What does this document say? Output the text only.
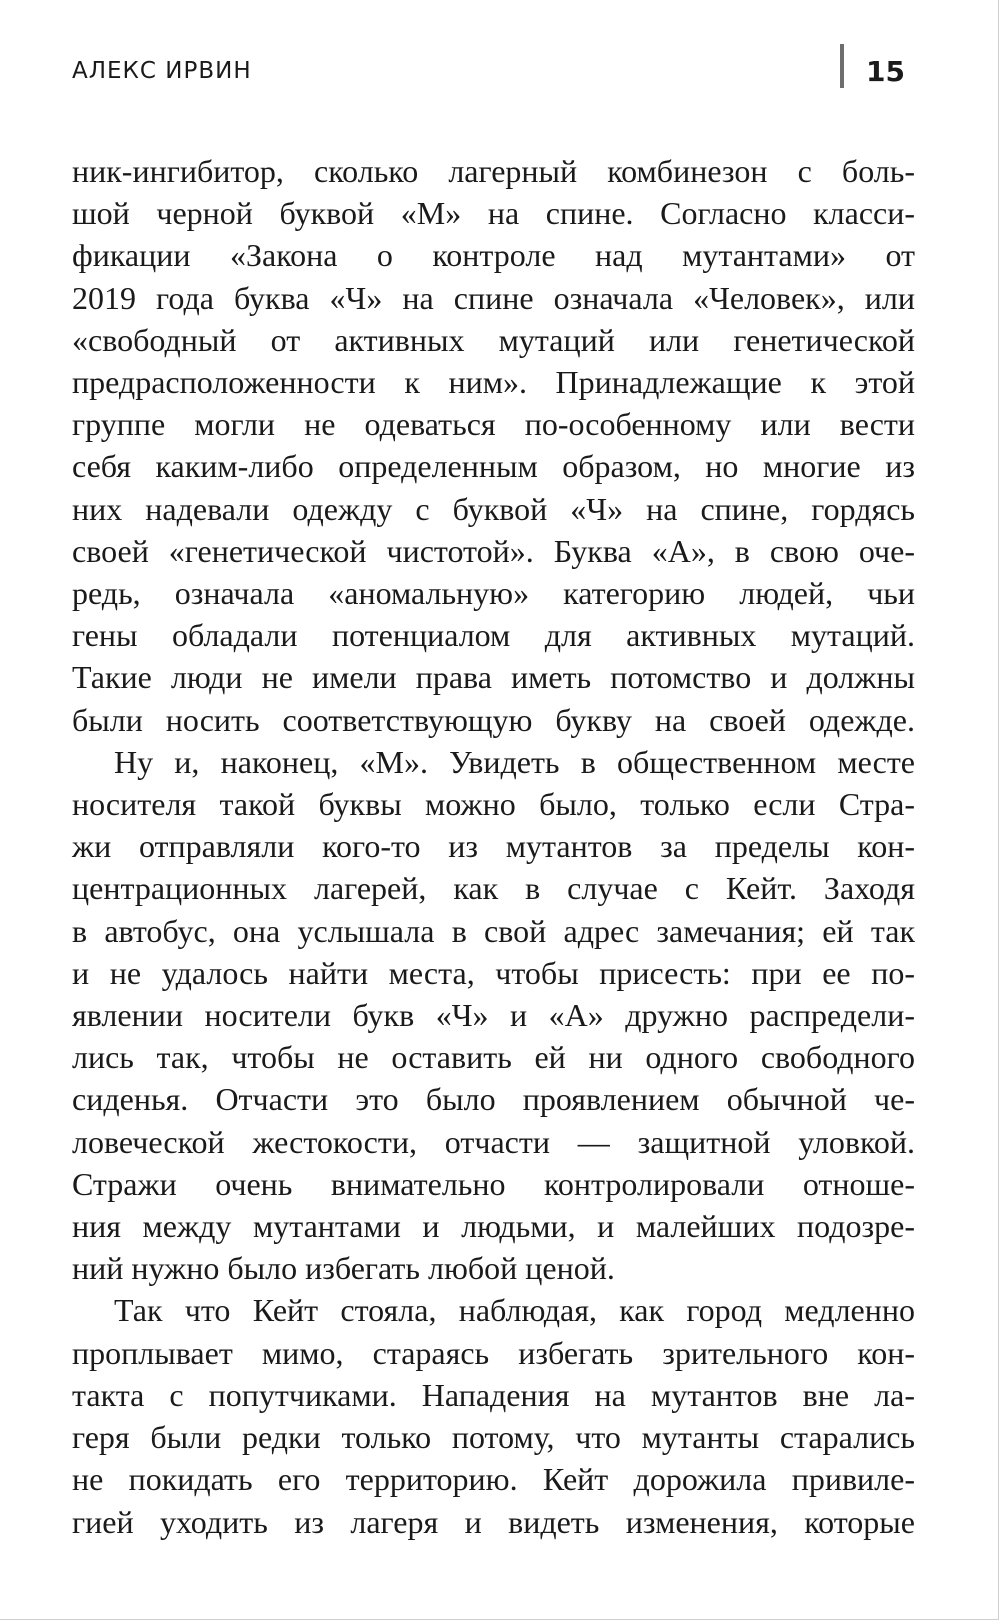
АЛЕКС ИРВИН	15

ник-ингибитор, сколько лагерный комбинезон с боль-

шой черной буквой «М» на спине. Согласно класси-

фикации «Закона о контроле над мутантами» от

2019 года буква «Ч» на спине означала «Человек», или

«свободный от активных мутаций или генетической

предрасположенности к ним». Принадлежащие к этой

группе могли не одеваться по-особенному или вести

себя каким-либо определенным образом, но многие из

них надевали одежду с буквой «Ч» на спине, гордясь

своей «генетической чистотой». Буква «А», в свою оче-

редь, означала «аномальную» категорию людей, чьи

гены обладали потенциалом для активных мутаций.

Такие люди не имели права иметь потомство и должны

были носить соответствующую букву на своей одежде.

Ну и, наконец, «М». Увидеть в общественном месте

носителя такой буквы можно было, только если Стра-

жи отправляли кого-то из мутантов за пределы кон-

центрационных лагерей, как в случае с Кейт. Заходя

в автобус, она услышала в свой адрес замечания; ей так

и не удалось найти места, чтобы присесть: при ее по-

явлении носители букв «Ч» и «А» дружно распредели-

лись так, чтобы не оставить ей ни одного свободного

сиденья. Отчасти это было проявлением обычной че-

ловеческой жестокости, отчасти — защитной уловкой.

Стражи очень внимательно контролировали отноше-

ния между мутантами и людьми, и малейших подозре-

ний нужно было избегать любой ценой.

Так что Кейт стояла, наблюдая, как город медленно

проплывает мимо, стараясь избегать зрительного кон-

такта с попутчиками. Нападения на мутантов вне ла-

геря были редки только потому, что мутанты старались

не покидать его территорию. Кейт дорожила привиле-

гией уходить из лагеря и видеть изменения, которые
